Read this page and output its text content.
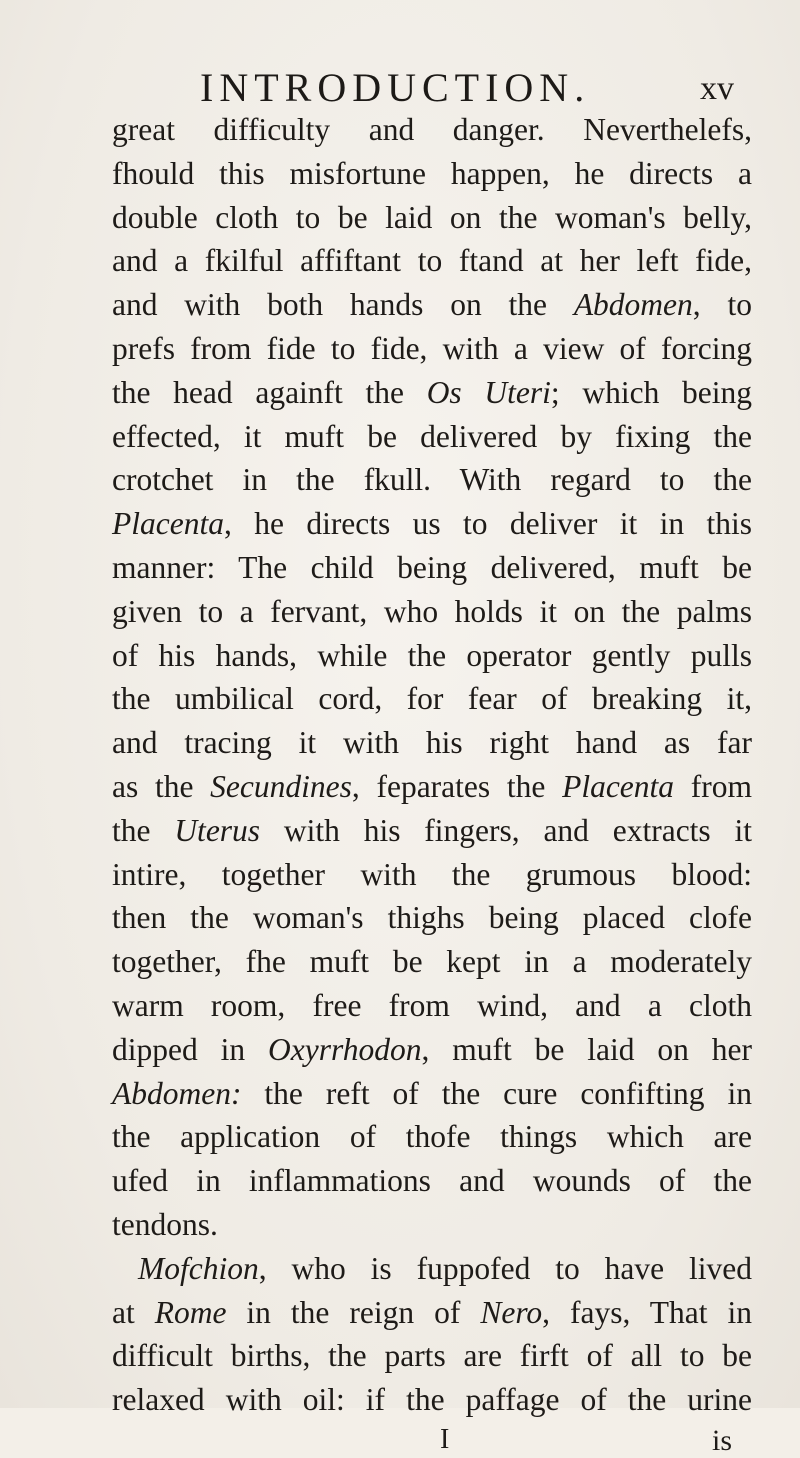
INTRODUCTION.	xv
great difficulty and danger. Neverthelefs,
fhould this misfortune happen, he directs a
double cloth to be laid on the woman's belly,
and a fkilful affiftant to ftand at her left fide,
and with both hands on the Abdomen, to
prefs from fide to fide, with a view of forcing
the head againft the Os Uteri; which being
effected, it muft be delivered by fixing the
crotchet in the fkull. With regard to the
Placenta, he directs us to deliver it in this
manner: The child being delivered, muft be
given to a fervant, who holds it on the palms
of his hands, while the operator gently pulls
the umbilical cord, for fear of breaking it,
and tracing it with his right hand as far
as the Secundines, feparates the Placenta from
the Uterus with his fingers, and extracts it
intire, together with the grumous blood:
then the woman's thighs being placed clofe
together, fhe muft be kept in a moderately
warm room, free from wind, and a cloth
dipped in Oxyrrhodon, muft be laid on her
Abdomen: the reft of the cure confifting in
the application of thofe things which are
ufed in inflammations and wounds of the
tendons.
Mofchion, who is fuppofed to have lived
at Rome in the reign of Nero, fays, That in
difficult births, the parts are firft of all to be
relaxed with oil: if the paffage of the urine
I	is
